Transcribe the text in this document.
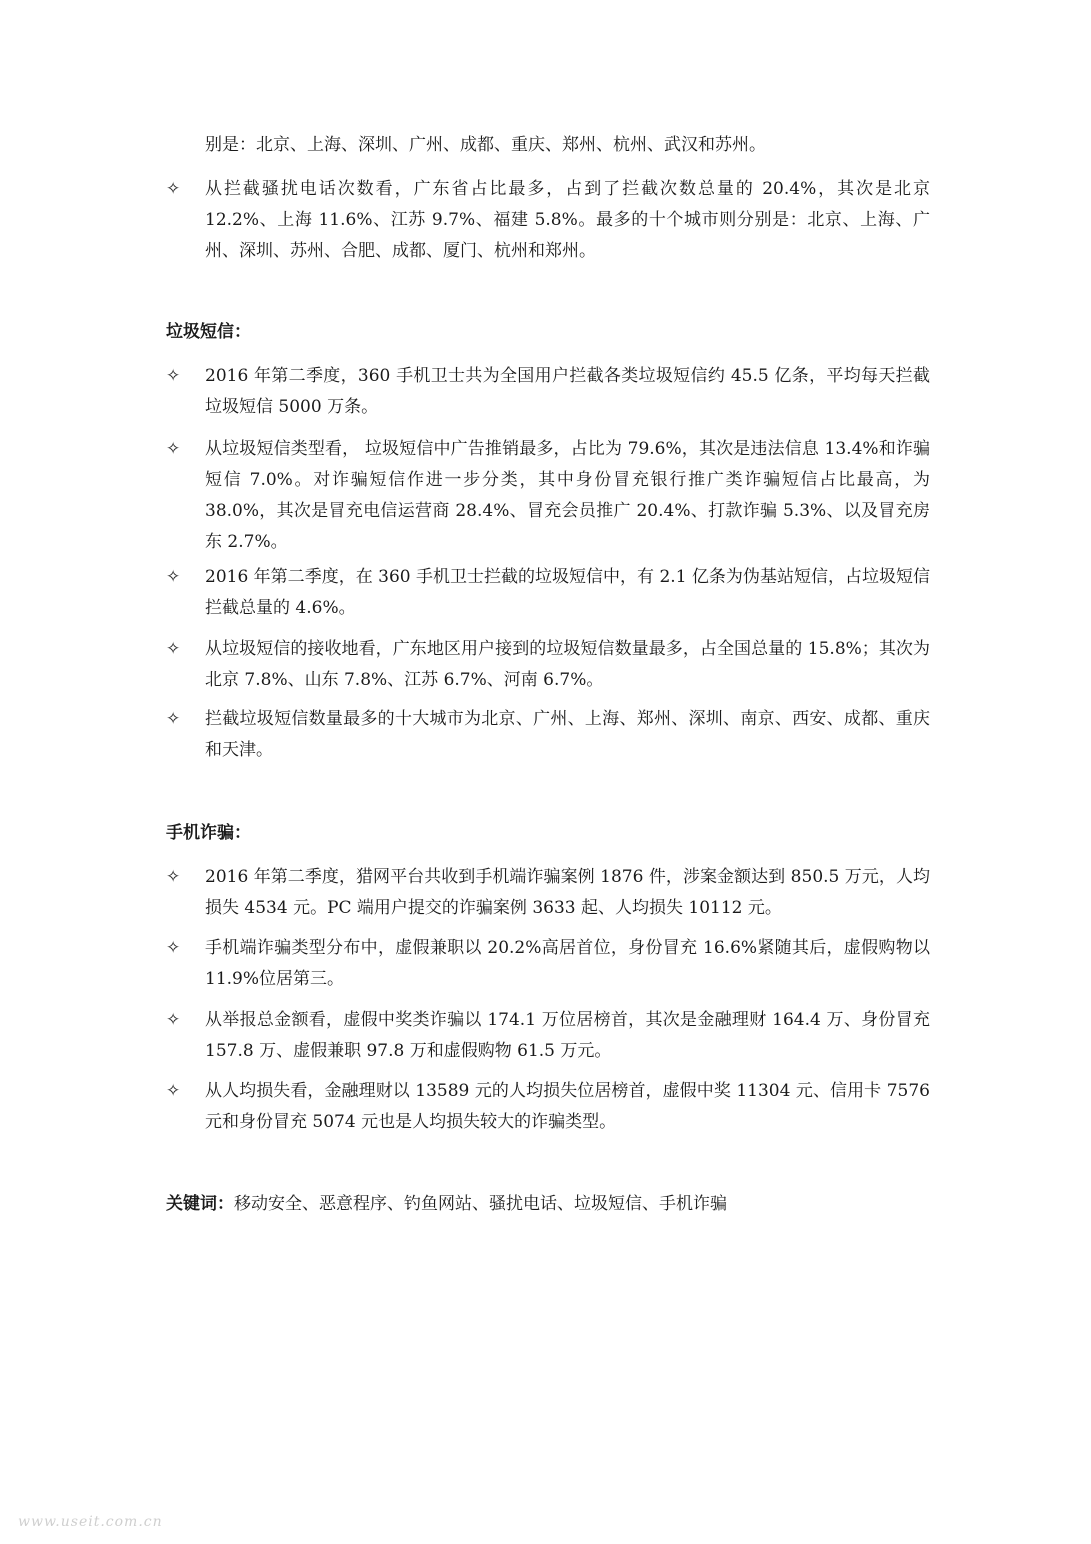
别是：北京、上海、深圳、广州、成都、重庆、郑州、杭州、武汉和苏州。

✧	从拦截骚扰电话次数看，广东省占比最多，占到了拦截次数总量的 20.4%，其次是北京 12.2%、上海 11.6%、江苏 9.7%、福建 5.8%。最多的十个城市则分别是：北京、上海、广州、深圳、苏州、合肥、成都、厦门、杭州和郑州。
垃圾短信：
✧	2016 年第二季度，360 手机卫士共为全国用户拦截各类垃圾短信约 45.5 亿条，平均每天拦截垃圾短信 5000 万条。
✧	从垃圾短信类型看， 垃圾短信中广告推销最多，占比为 79.6%，其次是违法信息 13.4%和诈骗短信 7.0%。对诈骗短信作进一步分类，其中身份冒充银行推广类诈骗短信占比最高，为 38.0%，其次是冒充电信运营商 28.4%、冒充会员推广 20.4%、打款诈骗 5.3%、以及冒充房东 2.7%。
✧	2016 年第二季度，在 360 手机卫士拦截的垃圾短信中，有 2.1 亿条为伪基站短信，占垃圾短信拦截总量的 4.6%。
✧	从垃圾短信的接收地看，广东地区用户接到的垃圾短信数量最多，占全国总量的 15.8%；其次为北京 7.8%、山东 7.8%、江苏 6.7%、河南 6.7%。
✧	拦截垃圾短信数量最多的十大城市为北京、广州、上海、郑州、深圳、南京、西安、成都、重庆和天津。
手机诈骗：
✧	2016 年第二季度，猎网平台共收到手机端诈骗案例 1876 件，涉案金额达到 850.5 万元，人均损失 4534 元。PC 端用户提交的诈骗案例 3633 起、人均损失 10112 元。
✧	手机端诈骗类型分布中，虚假兼职以 20.2%高居首位，身份冒充 16.6%紧随其后，虚假购物以 11.9%位居第三。
✧	从举报总金额看，虚假中奖类诈骗以 174.1 万位居榜首，其次是金融理财 164.4 万、身份冒充 157.8 万、虚假兼职 97.8 万和虚假购物 61.5 万元。
✧	从人均损失看，金融理财以 13589 元的人均损失位居榜首，虚假中奖 11304 元、信用卡 7576 元和身份冒充 5074 元也是人均损失较大的诈骗类型。
关键词：移动安全、恶意程序、钓鱼网站、骚扰电话、垃圾短信、手机诈骗
www.useit.com.cn
